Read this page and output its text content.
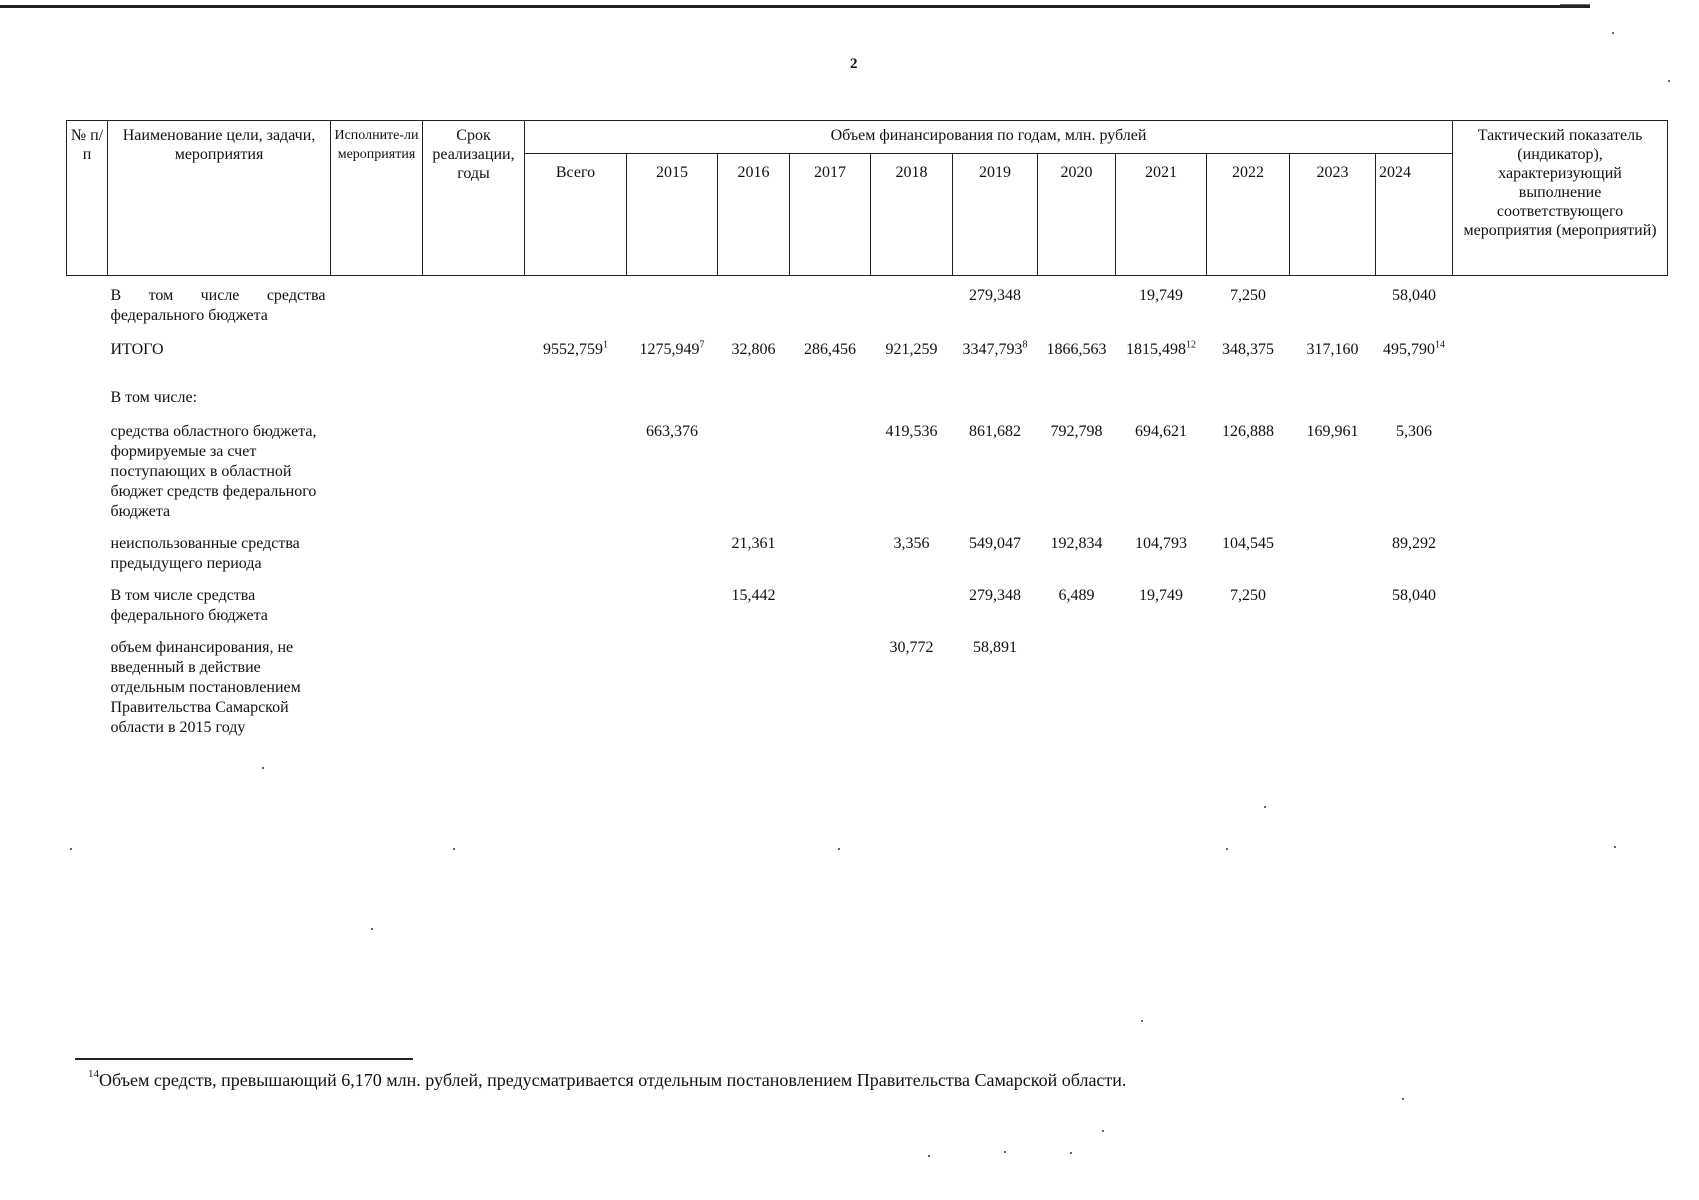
2
№ п/п	Наименование цели, задачи, мероприятия	Исполните-ли мероприятия	Срок реализации, годы	Объем финансирования по годам, млн. рублей											Тактический показатель (индикатор), характеризующий выполнение соответствующего мероприятия (мероприятий)
				Всего	2015	2016	2017	2018	2019	2020	2021	2022	2023	2024	

	В том числе средства федерального бюджета								279,348		19,749	7,250		58,040	

	ИТОГО			9552,759$^1$	1275,949$^7$	32,806	286,456	921,259	3347,793$^8$	1866,563	1815,498$^{12}$	348,375	317,160	495,790$^{14}$	

	В том числе:														

	средства областного бюджета, формируемые за счет поступающих в областной бюджет средств федерального бюджета				663,376			419,536	861,682	792,798	694,621	126,888	169,961	5,306	

	неиспользованные средства предыдущего периода					21,361		3,356	549,047	192,834	104,793	104,545		89,292	

	В том числе средства федерального бюджета					15,442			279,348	6,489	19,749	7,250		58,040	

	объем финансирования, не введенный в действие отдельным постановлением Правительства Самарской области в 2015 году							30,772	58,891						
$^{14}$Объем средств, превышающий 6,170 млн. рублей, предусматривается отдельным постановлением Правительства Самарской области.
